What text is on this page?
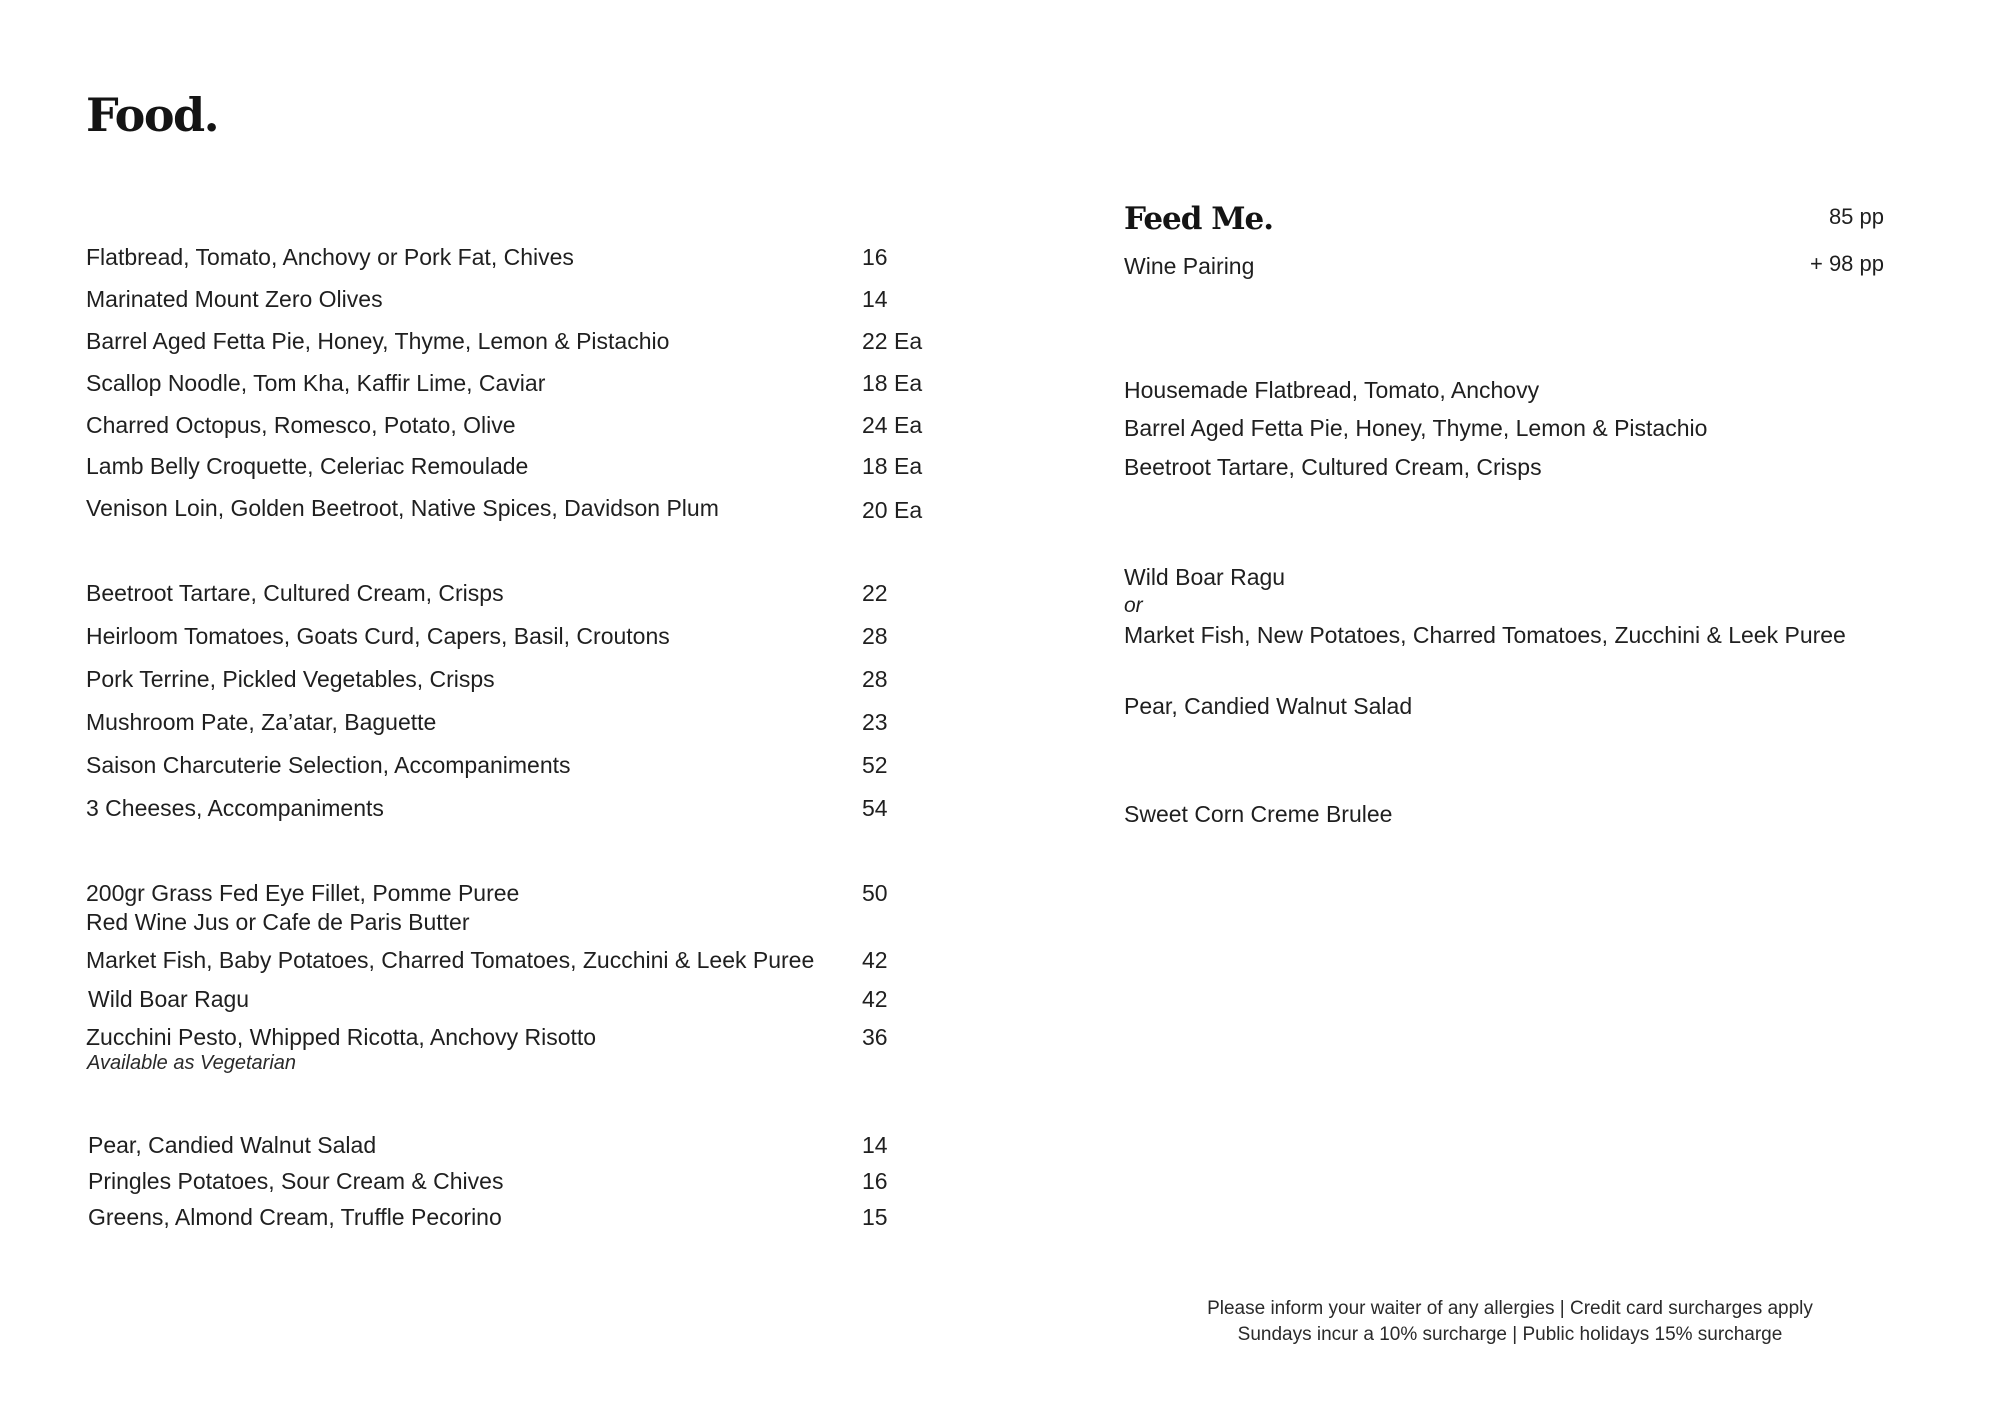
Food.
Flatbread, Tomato, Anchovy or Pork Fat, Chives	16
Marinated Mount Zero Olives	14
Barrel Aged Fetta Pie, Honey, Thyme, Lemon & Pistachio	22 Ea
Scallop Noodle, Tom Kha, Kaffir Lime, Caviar	18 Ea
Charred Octopus, Romesco, Potato, Olive	24 Ea
Lamb Belly Croquette, Celeriac Remoulade	18 Ea
Venison Loin, Golden Beetroot, Native Spices, Davidson Plum	20 Ea
Beetroot Tartare, Cultured Cream, Crisps	22
Heirloom Tomatoes, Goats Curd, Capers, Basil, Croutons	28
Pork Terrine, Pickled Vegetables, Crisps	28
Mushroom Pate, Za’atar, Baguette	23
Saison Charcuterie Selection, Accompaniments	52
3 Cheeses, Accompaniments	54
200gr Grass Fed Eye Fillet, Pomme Puree	50
Red Wine Jus or Cafe de Paris Butter
Market Fish, Baby Potatoes, Charred Tomatoes, Zucchini & Leek Puree 42
Wild Boar Ragu	42
Zucchini Pesto, Whipped Ricotta, Anchovy Risotto	36
Available as Vegetarian
Pear, Candied Walnut Salad	14
Pringles Potatoes, Sour Cream & Chives	16
Greens, Almond Cream, Truffle Pecorino	15
Feed Me.	85 pp
Wine Pairing	+ 98 pp
Housemade Flatbread, Tomato, Anchovy
Barrel Aged Fetta Pie, Honey, Thyme, Lemon & Pistachio
Beetroot Tartare, Cultured Cream, Crisps
Wild Boar Ragu
or
Market Fish, New Potatoes, Charred Tomatoes, Zucchini & Leek Puree
Pear, Candied Walnut Salad
Sweet Corn Creme Brulee
Please inform your waiter of any allergies | Credit card surcharges apply
Sundays incur a 10% surcharge | Public holidays 15% surcharge
